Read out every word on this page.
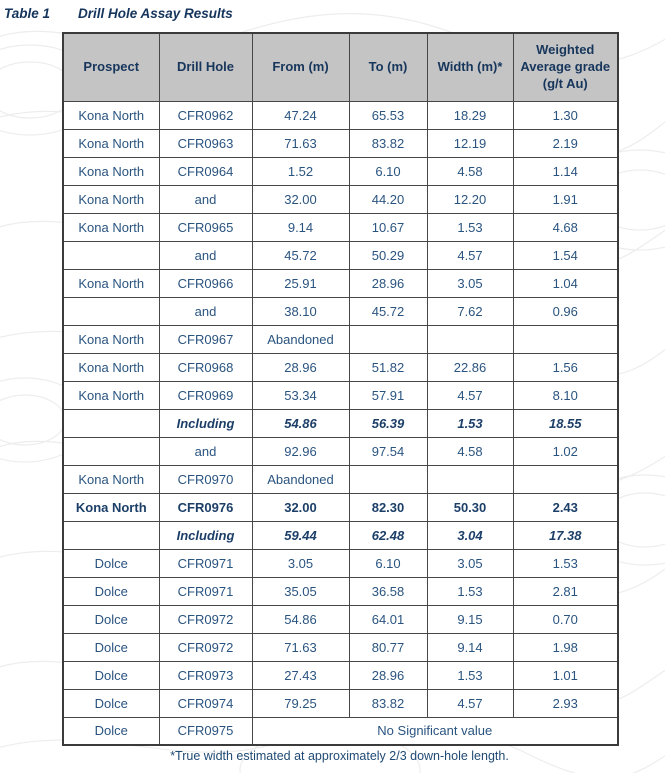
Table 1	Drill Hole Assay Results
Prospect	Drill Hole	From (m)	To (m)	Width (m)*	Weighted Average grade (g/t Au)
Kona North	CFR0962	47.24	65.53	18.29	1.30
Kona North	CFR0963	71.63	83.82	12.19	2.19
Kona North	CFR0964	1.52	6.10	4.58	1.14
Kona North	and	32.00	44.20	12.20	1.91
Kona North	CFR0965	9.14	10.67	1.53	4.68
	and	45.72	50.29	4.57	1.54
Kona North	CFR0966	25.91	28.96	3.05	1.04
	and	38.10	45.72	7.62	0.96
Kona North	CFR0967	Abandoned			
Kona North	CFR0968	28.96	51.82	22.86	1.56
Kona North	CFR0969	53.34	57.91	4.57	8.10
	Including	54.86	56.39	1.53	18.55
	and	92.96	97.54	4.58	1.02
Kona North	CFR0970	Abandoned			
Kona North	CFR0976	32.00	82.30	50.30	2.43
	Including	59.44	62.48	3.04	17.38
Dolce	CFR0971	3.05	6.10	3.05	1.53
Dolce	CFR0971	35.05	36.58	1.53	2.81
Dolce	CFR0972	54.86	64.01	9.15	0.70
Dolce	CFR0972	71.63	80.77	9.14	1.98
Dolce	CFR0973	27.43	28.96	1.53	1.01
Dolce	CFR0974	79.25	83.82	4.57	2.93
Dolce	CFR0975	No Significant value			
*True width estimated at approximately 2/3 down-hole length.
